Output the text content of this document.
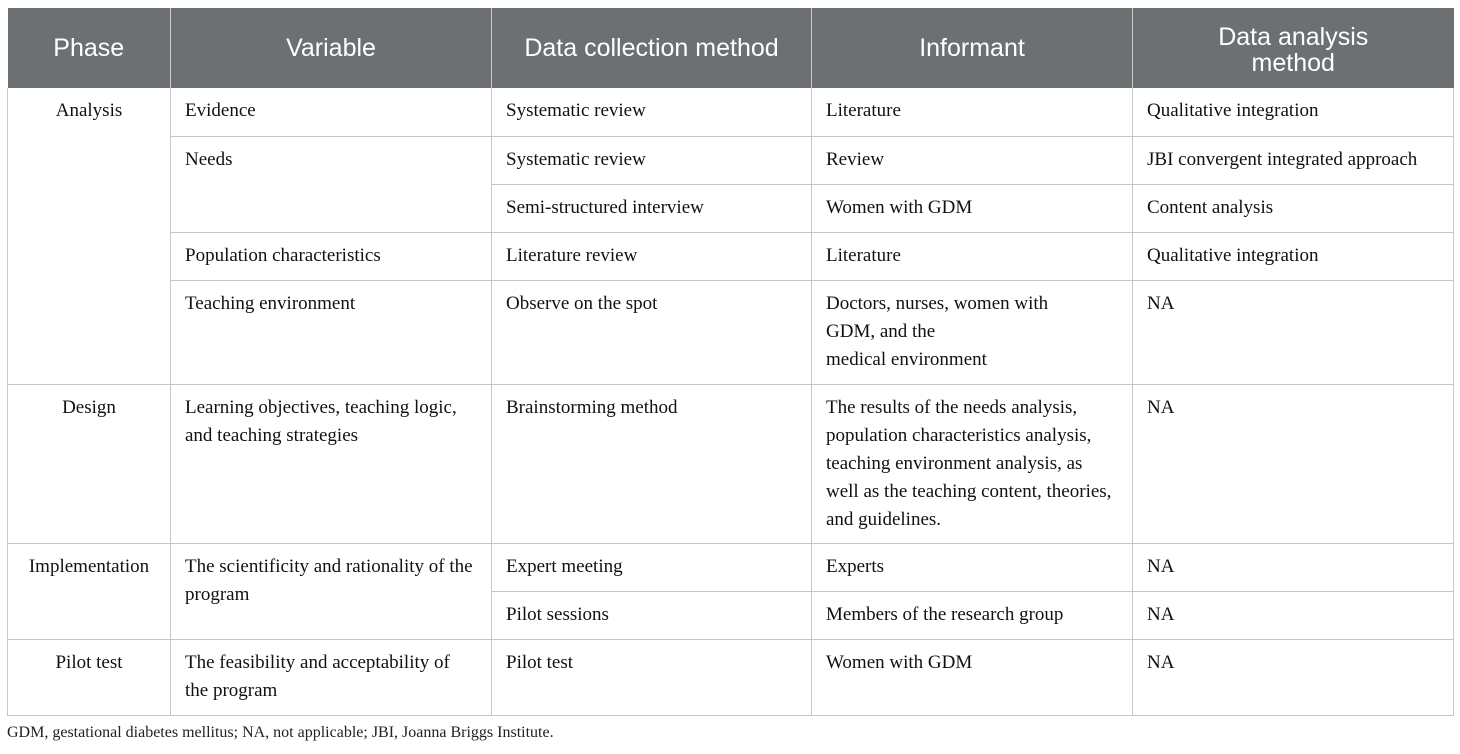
Phase	Variable	Data collection method	Informant	Data analysis
method
Analysis	Evidence	Systematic review	Literature	Qualitative integration
	Needs	Systematic review	Review	JBI convergent integrated approach
		Semi-structured interview	Women with GDM	Content analysis
	Population characteristics	Literature review	Literature	Qualitative integration
	Teaching environment	Observe on the spot	Doctors, nurses, women with
GDM, and the
medical environment	NA
Design	Learning objectives, teaching logic, and teaching strategies	Brainstorming method	The results of the needs analysis, population characteristics analysis, teaching environment analysis, as well as the teaching content, theories, and guidelines.	NA
Implementation	The scientificity and rationality of the program	Expert meeting	Experts	NA
		Pilot sessions	Members of the research group	NA
Pilot test	The feasibility and acceptability of the program	Pilot test	Women with GDM	NA
GDM, gestational diabetes mellitus; NA, not applicable; JBI, Joanna Briggs Institute.
